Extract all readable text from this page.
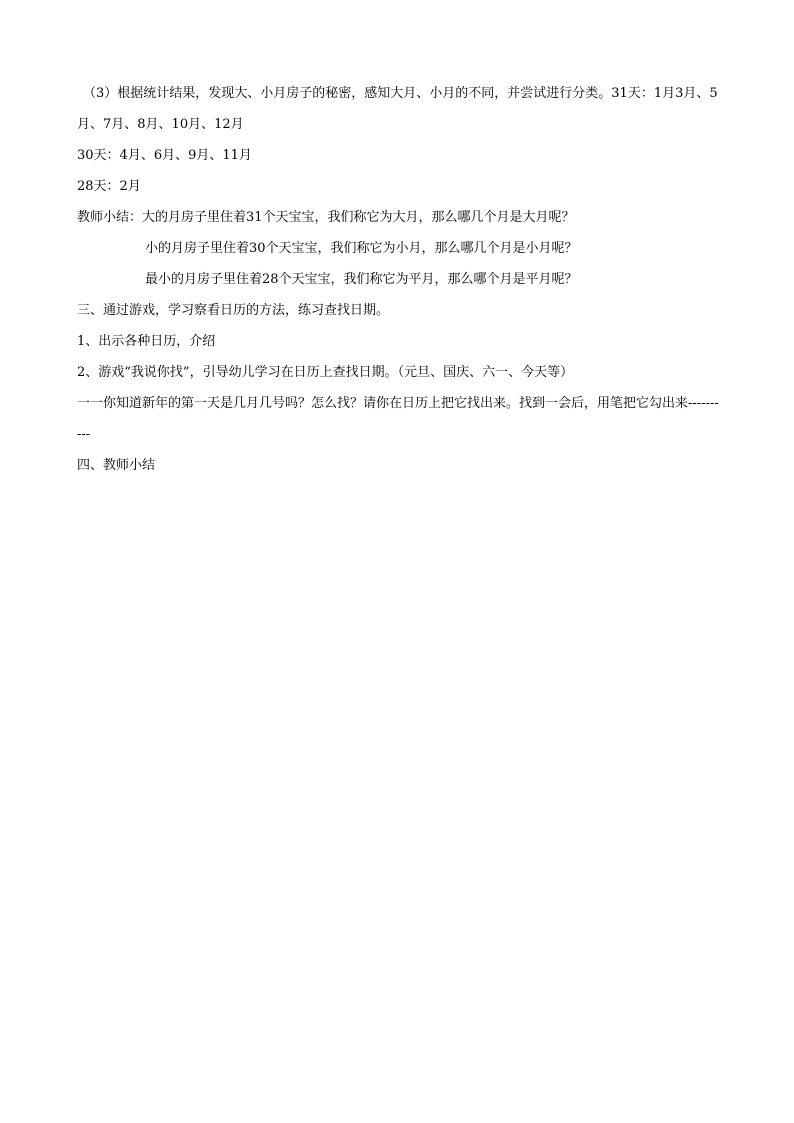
（3）根据统计结果，发现大、小月房子的秘密，感知大月、小月的不同，并尝试进行分类。31天：1月3月、5月、7月、8月、10月、12月

30天：4月、6月、9月、11月

28天：2月

教师小结：大的月房子里住着31个天宝宝，我们称它为大月，那么哪几个月是大月呢？

小的月房子里住着30个天宝宝，我们称它为小月，那么哪几个月是小月呢？

最小的月房子里住着28个天宝宝，我们称它为平月，那么哪个月是平月呢？

三、通过游戏，学习察看日历的方法，练习查找日期。

1、出示各种日历，介绍

2、游戏“我说你找”，引导幼儿学习在日历上查找日期。（元旦、国庆、六一、今天等）

一一你知道新年的第一天是几月几号吗？怎么找？请你在日历上把它找出来。找到一会后，用笔把它勾出来----------

四、教师小结
